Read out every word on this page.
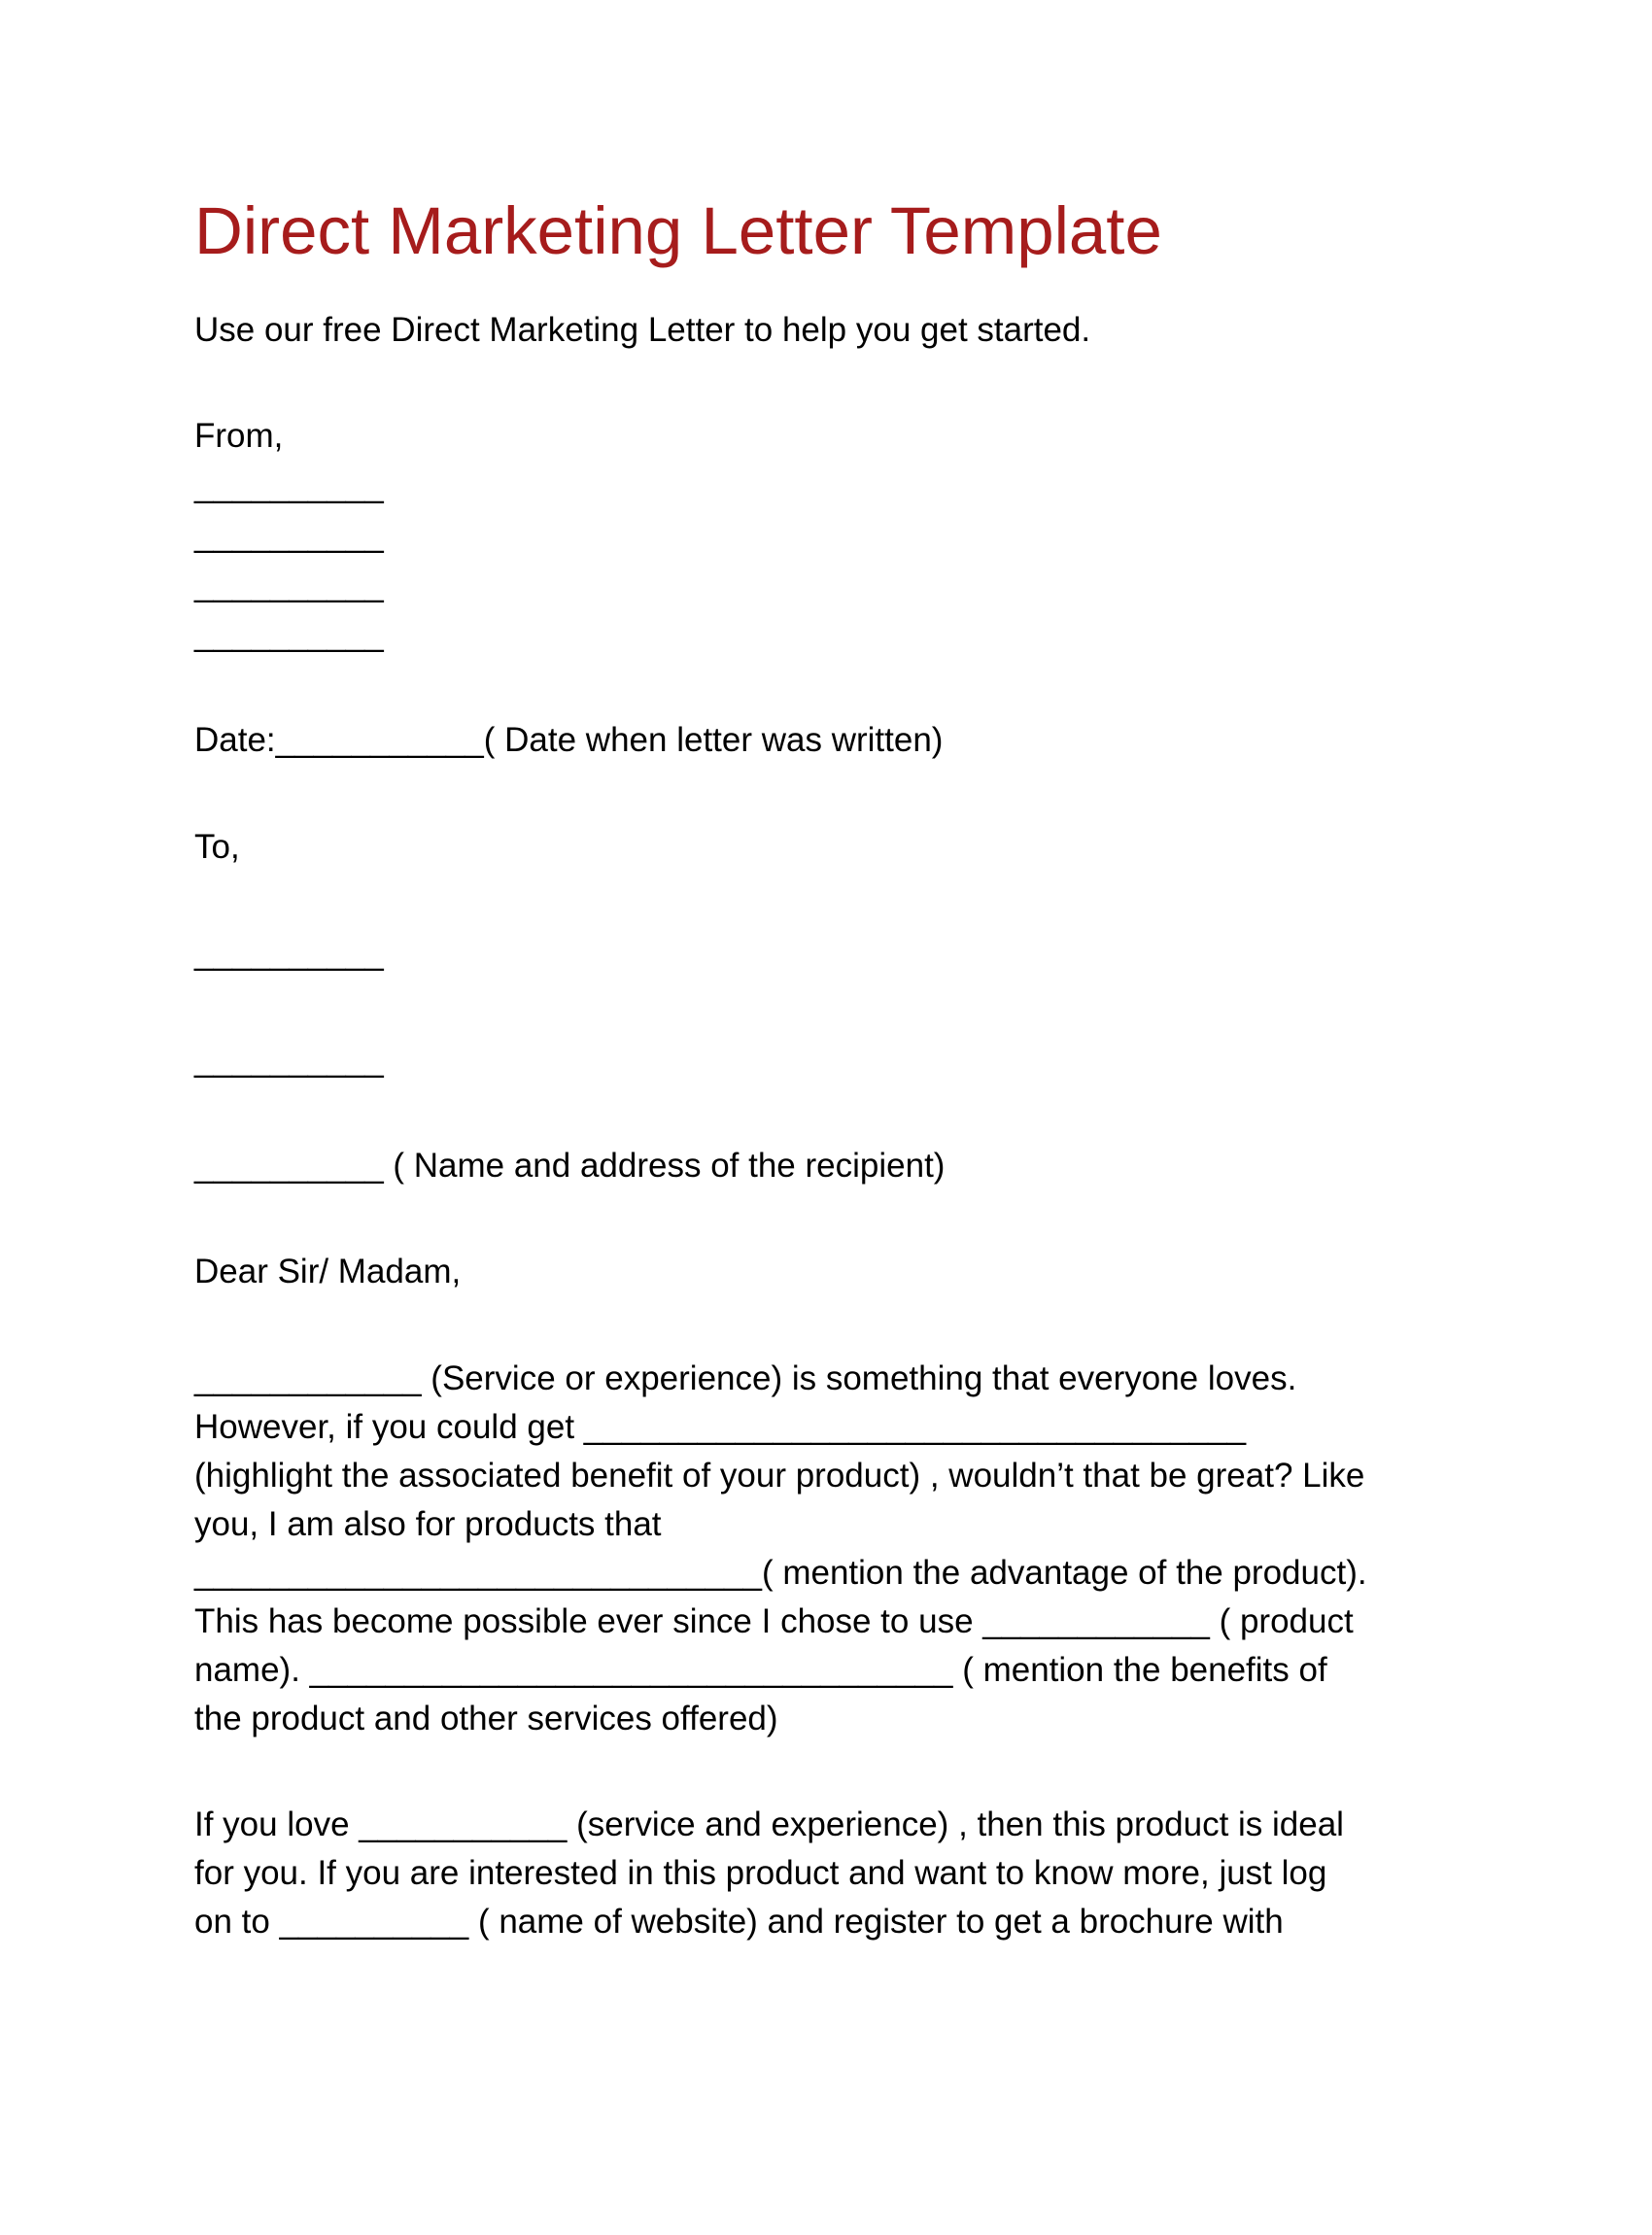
Direct Marketing Letter Template

Use our free Direct Marketing Letter to help you get started.

From,

__________

__________

__________

__________

Date:___________( Date when letter was written)

To,

__________

__________

__________ ( Name and address of the recipient)

Dear Sir/ Madam,

____________ (Service or experience) is something that everyone loves.

However, if you could get ___________________________________

(highlight the associated benefit of your product) , wouldn’t that be great? Like

you, I am also for products that

______________________________( mention the advantage of the product).

This has become possible ever since I chose to use ____________ ( product

name). __________________________________ ( mention the benefits of

the product and other services offered)

If you love ___________ (service and experience) , then this product is ideal

for you. If you are interested in this product and want to know more, just log

on to __________ ( name of website) and register to get a brochure with
